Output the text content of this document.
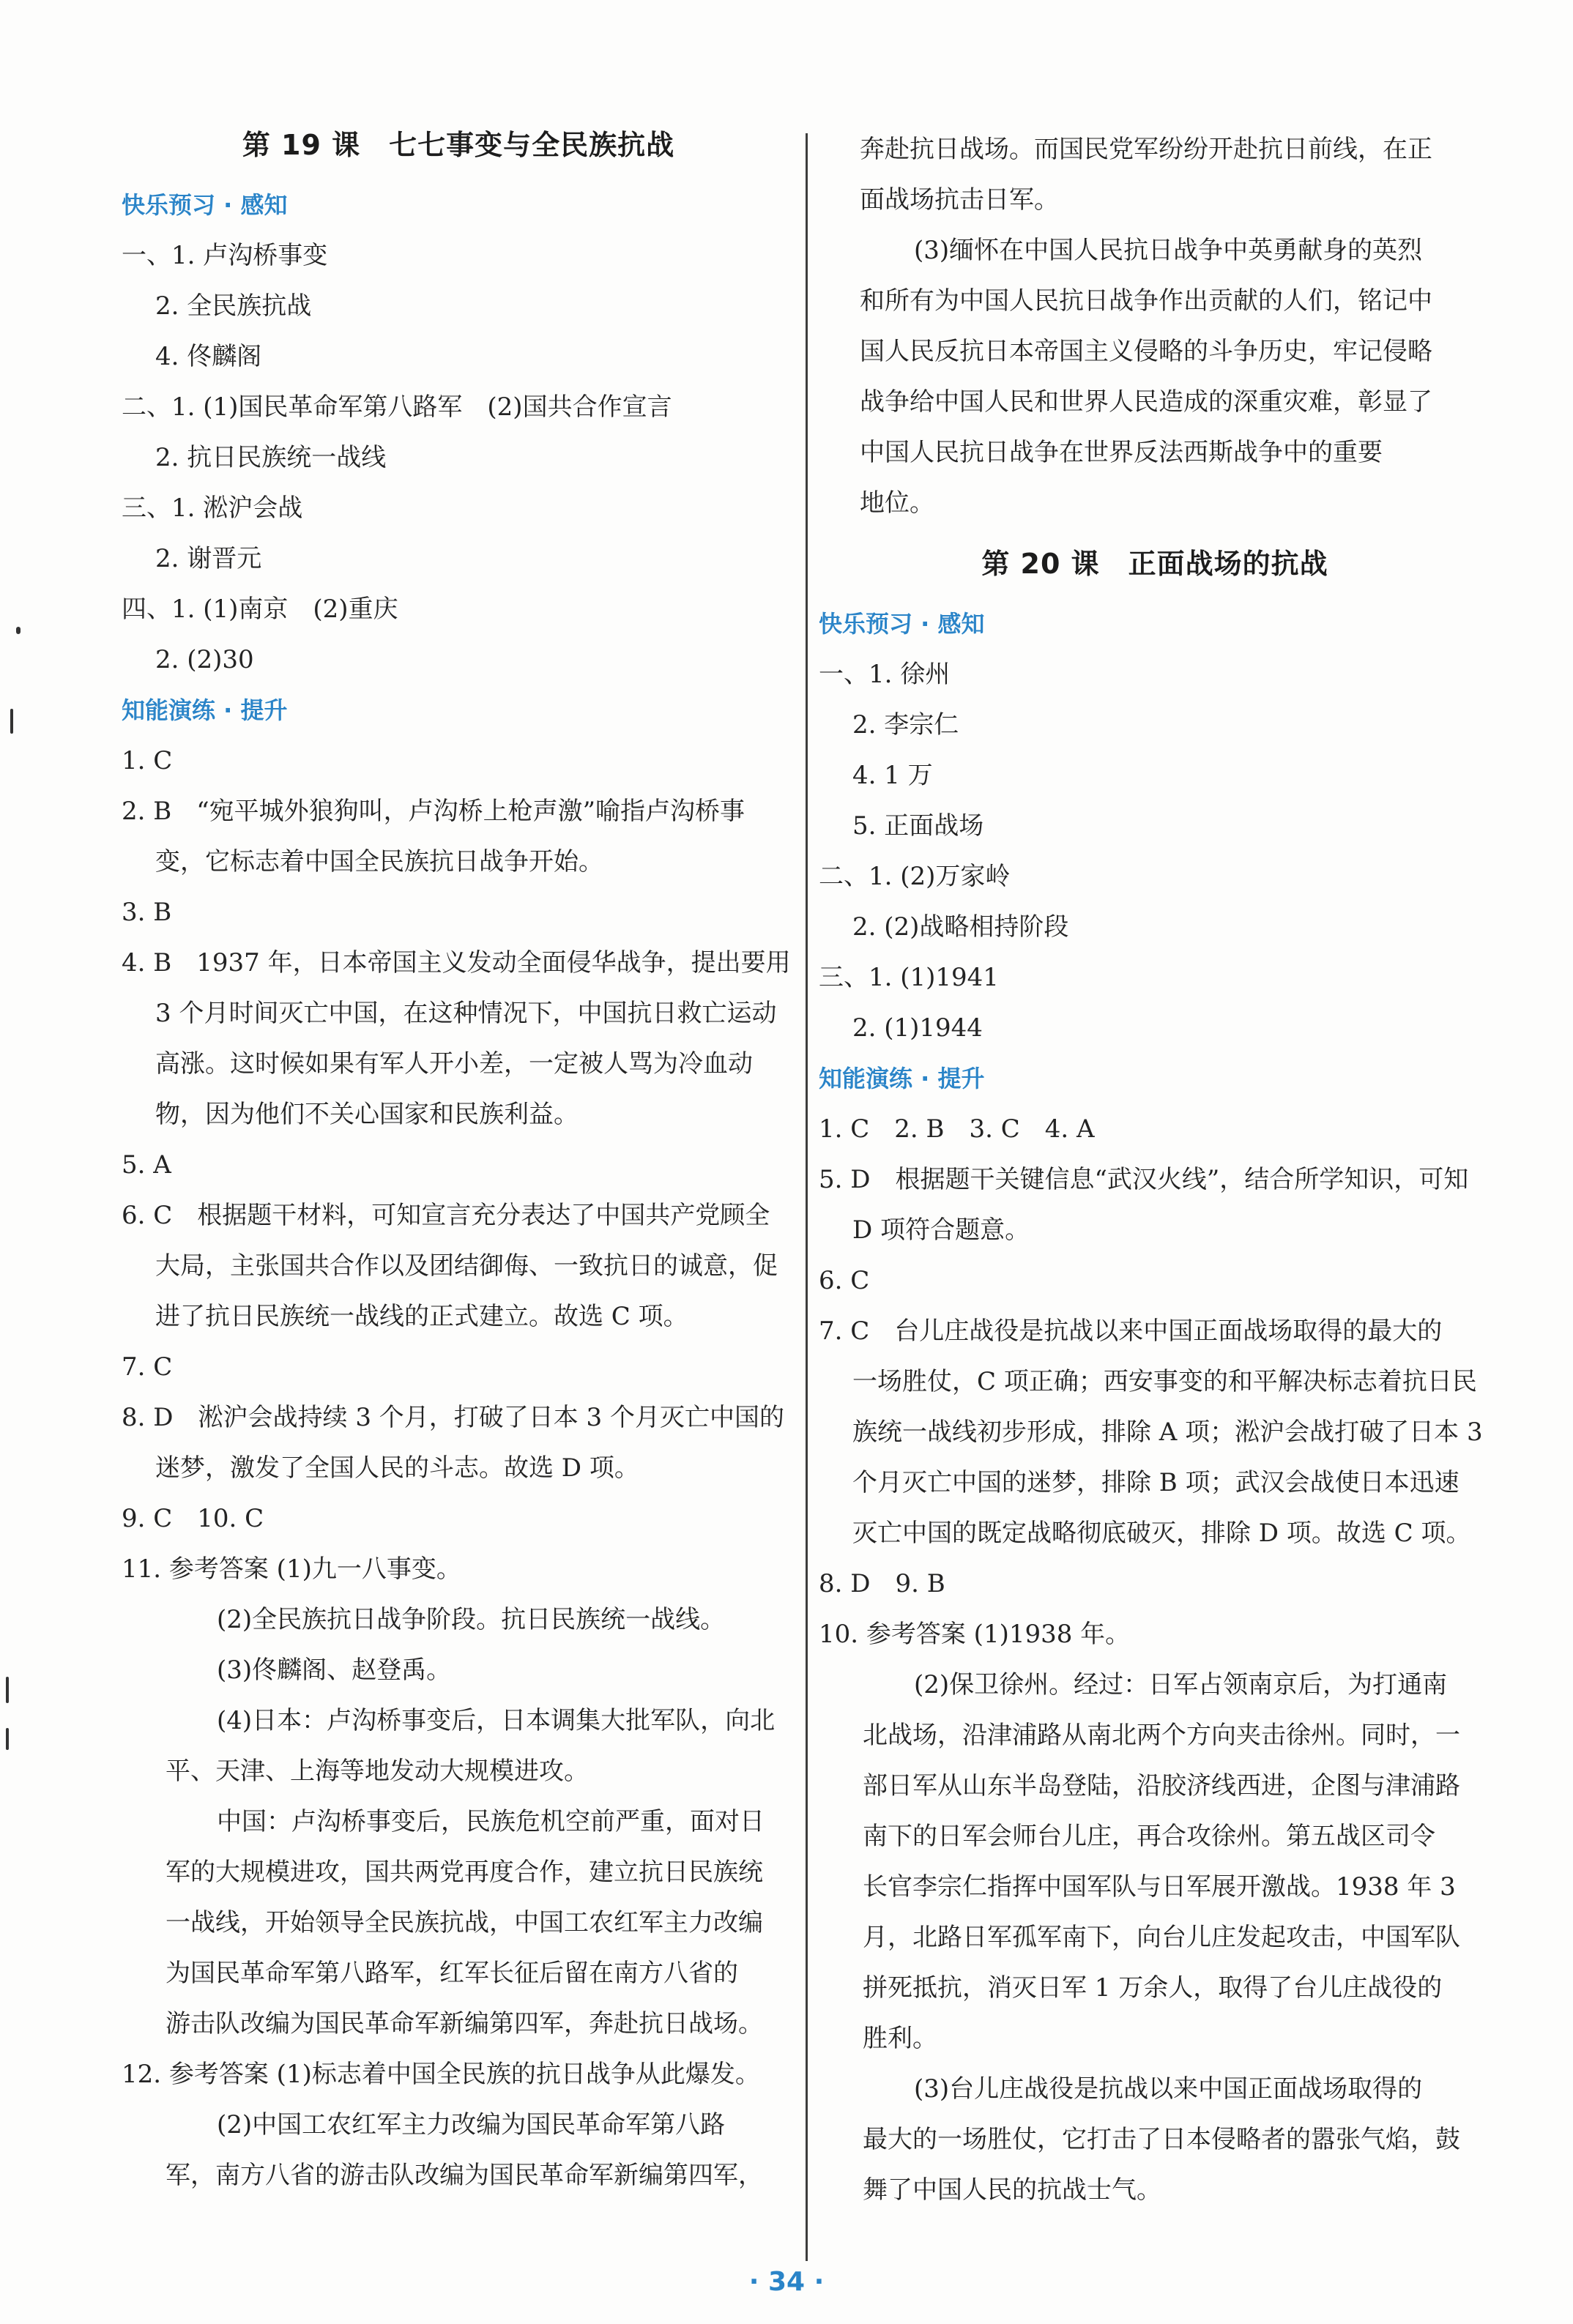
第 19 课　七七事变与全民族抗战
快乐预习 · 感知
一、1. 卢沟桥事变
2. 全民族抗战
4. 佟麟阁
二、1. (1)国民革命军第八路军　(2)国共合作宣言
2. 抗日民族统一战线
三、1. 淞沪会战
2. 谢晋元
四、1. (1)南京　(2)重庆
2. (2)30
知能演练 · 提升
1. C
2. B　“宛平城外狼狗叫，卢沟桥上枪声激”喻指卢沟桥事
变，它标志着中国全民族抗日战争开始。
3. B
4. B　1937 年，日本帝国主义发动全面侵华战争，提出要用
3 个月时间灭亡中国，在这种情况下，中国抗日救亡运动
高涨。这时候如果有军人开小差，一定被人骂为冷血动
物，因为他们不关心国家和民族利益。
5. A
6. C　根据题干材料，可知宣言充分表达了中国共产党顾全
大局，主张国共合作以及团结御侮、一致抗日的诚意，促
进了抗日民族统一战线的正式建立。故选 C 项。
7. C
8. D　淞沪会战持续 3 个月，打破了日本 3 个月灭亡中国的
迷梦，激发了全国人民的斗志。故选 D 项。
9. C　10. C
11. 参考答案 (1)九一八事变。
(2)全民族抗日战争阶段。抗日民族统一战线。
(3)佟麟阁、赵登禹。
(4)日本：卢沟桥事变后，日本调集大批军队，向北
平、天津、上海等地发动大规模进攻。
中国：卢沟桥事变后，民族危机空前严重，面对日
军的大规模进攻，国共两党再度合作，建立抗日民族统
一战线，开始领导全民族抗战，中国工农红军主力改编
为国民革命军第八路军，红军长征后留在南方八省的
游击队改编为国民革命军新编第四军，奔赴抗日战场。
12. 参考答案 (1)标志着中国全民族的抗日战争从此爆发。
(2)中国工农红军主力改编为国民革命军第八路
军，南方八省的游击队改编为国民革命军新编第四军，
奔赴抗日战场。而国民党军纷纷开赴抗日前线，在正
面战场抗击日军。
(3)缅怀在中国人民抗日战争中英勇献身的英烈
和所有为中国人民抗日战争作出贡献的人们，铭记中
国人民反抗日本帝国主义侵略的斗争历史，牢记侵略
战争给中国人民和世界人民造成的深重灾难，彰显了
中国人民抗日战争在世界反法西斯战争中的重要
地位。
第 20 课　正面战场的抗战
快乐预习 · 感知
一、1. 徐州
2. 李宗仁
4. 1 万
5. 正面战场
二、1. (2)万家岭
2. (2)战略相持阶段
三、1. (1)1941
2. (1)1944
知能演练 · 提升
1. C　2. B　3. C　4. A
5. D　根据题干关键信息“武汉火线”，结合所学知识，可知
D 项符合题意。
6. C
7. C　台儿庄战役是抗战以来中国正面战场取得的最大的
一场胜仗，C 项正确；西安事变的和平解决标志着抗日民
族统一战线初步形成，排除 A 项；淞沪会战打破了日本 3
个月灭亡中国的迷梦，排除 B 项；武汉会战使日本迅速
灭亡中国的既定战略彻底破灭，排除 D 项。故选 C 项。
8. D　9. B
10. 参考答案 (1)1938 年。
(2)保卫徐州。经过：日军占领南京后，为打通南
北战场，沿津浦路从南北两个方向夹击徐州。同时，一
部日军从山东半岛登陆，沿胶济线西进，企图与津浦路
南下的日军会师台儿庄，再合攻徐州。第五战区司令
长官李宗仁指挥中国军队与日军展开激战。1938 年 3
月，北路日军孤军南下，向台儿庄发起攻击，中国军队
拼死抵抗，消灭日军 1 万余人，取得了台儿庄战役的
胜利。
(3)台儿庄战役是抗战以来中国正面战场取得的
最大的一场胜仗，它打击了日本侵略者的嚣张气焰，鼓
舞了中国人民的抗战士气。
· 34 ·
